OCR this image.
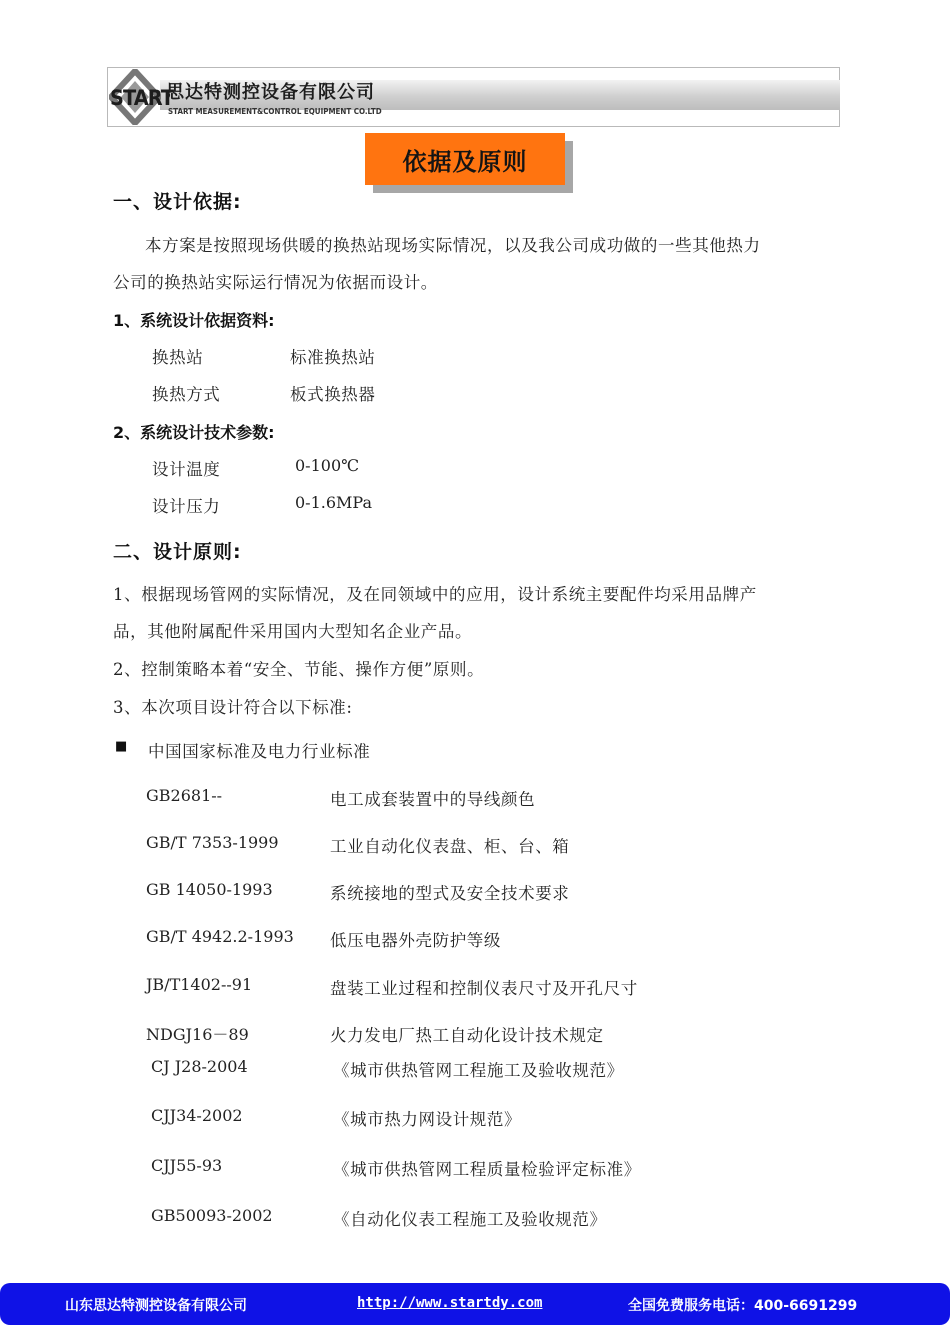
START
思达特测控设备有限公司
START MEASUREMENT&CONTROL EQUIPMENT CO.LTD
依据及原则
一、设计依据:
本方案是按照现场供暖的换热站现场实际情况，以及我公司成功做的一些其他热力
公司的换热站实际运行情况为依据而设计。
1、系统设计依据资料:
换热站	标准换热站
换热方式	板式换热器
2、系统设计技术参数:
设计温度	0-100℃
设计压力	0-1.6MPa
二、设计原则:
1、根据现场管网的实际情况，及在同领域中的应用，设计系统主要配件均采用品牌产
品，其他附属配件采用国内大型知名企业产品。
2、控制策略本着“安全、节能、操作方便”原则。
3、本次项目设计符合以下标准:
■ 中国国家标准及电力行业标准
GB2681--	电工成套装置中的导线颜色
GB/T 7353-1999	工业自动化仪表盘、柜、台、箱
GB 14050-1993	系统接地的型式及安全技术要求
GB/T 4942.2-1993 低压电器外壳防护等级
JB/T1402--91	盘装工业过程和控制仪表尺寸及开孔尺寸
NDGJ16－89	火力发电厂热工自动化设计技术规定
CJ J28-2004	《城市供热管网工程施工及验收规范》
CJJ34-2002	《城市热力网设计规范》
CJJ55-93	《城市供热管网工程质量检验评定标准》
GB50093-2002	《自动化仪表工程施工及验收规范》
山东思达特测控设备有限公司	http://www.startdy.com	全国免费服务电话：400-6691299
